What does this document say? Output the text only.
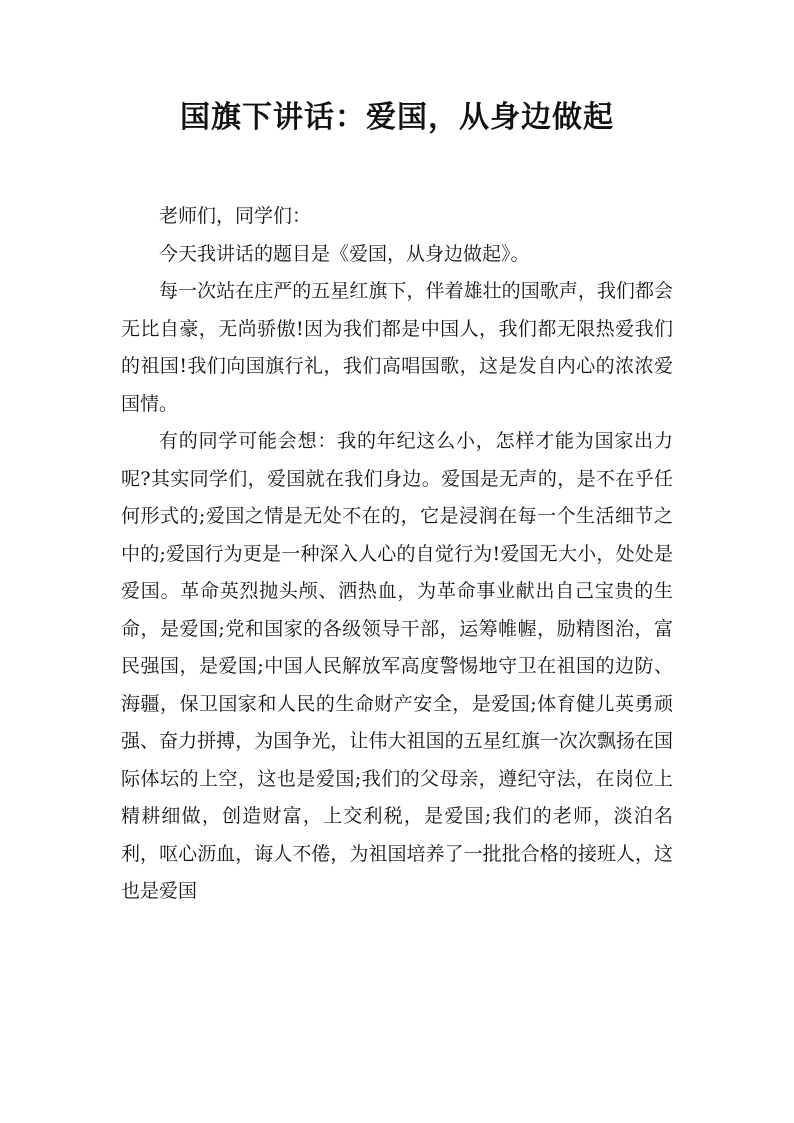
国旗下讲话：爱国，从身边做起

老师们，同学们：

今天我讲话的题目是《爱国，从身边做起》。

每一次站在庄严的五星红旗下，伴着雄壮的国歌声，我们都会无比自豪，无尚骄傲!因为我们都是中国人，我们都无限热爱我们的祖国!我们向国旗行礼，我们高唱国歌，这是发自内心的浓浓爱国情。

有的同学可能会想：我的年纪这么小，怎样才能为国家出力呢?其实同学们，爱国就在我们身边。爱国是无声的，是不在乎任何形式的;爱国之情是无处不在的，它是浸润在每一个生活细节之中的;爱国行为更是一种深入人心的自觉行为!爱国无大小，处处是爱国。革命英烈抛头颅、洒热血，为革命事业献出自己宝贵的生命，是爱国;党和国家的各级领导干部，运筹帷幄，励精图治，富民强国，是爱国;中国人民解放军高度警惕地守卫在祖国的边防、海疆，保卫国家和人民的生命财产安全，是爱国;体育健儿英勇顽强、奋力拼搏，为国争光，让伟大祖国的五星红旗一次次飘扬在国际体坛的上空，这也是爱国;我们的父母亲，遵纪守法，在岗位上精耕细做，创造财富，上交利税，是爱国;我们的老师，淡泊名利，呕心沥血，诲人不倦，为祖国培养了一批批合格的接班人，这也是爱国
